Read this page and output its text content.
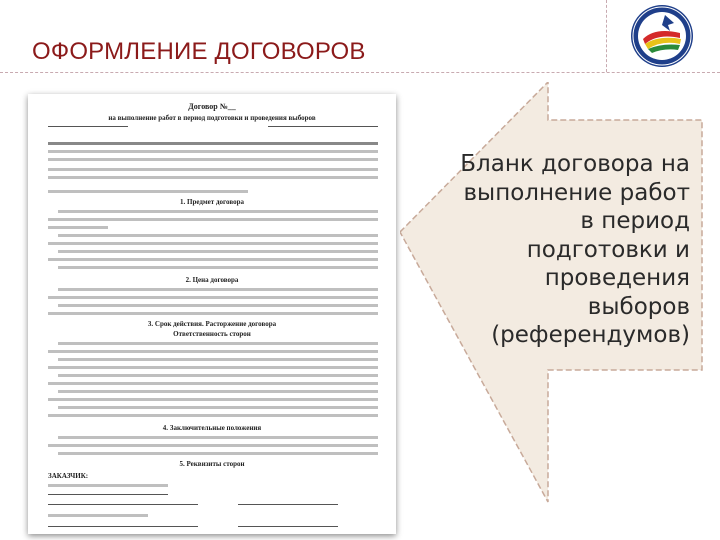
ОФОРМЛЕНИЕ ДОГОВОРОВ
Бланк договора на выполнение работ в период подготовки и проведения выборов (референдумов)
Договор №__
на выполнение работ в период подготовки и проведения выборов
1. Предмет договора
2. Цена договора
3. Срок действия. Расторжение договора
Ответственность сторон
4. Заключительные положения
5. Реквизиты сторон
ЗАКАЗЧИК:
